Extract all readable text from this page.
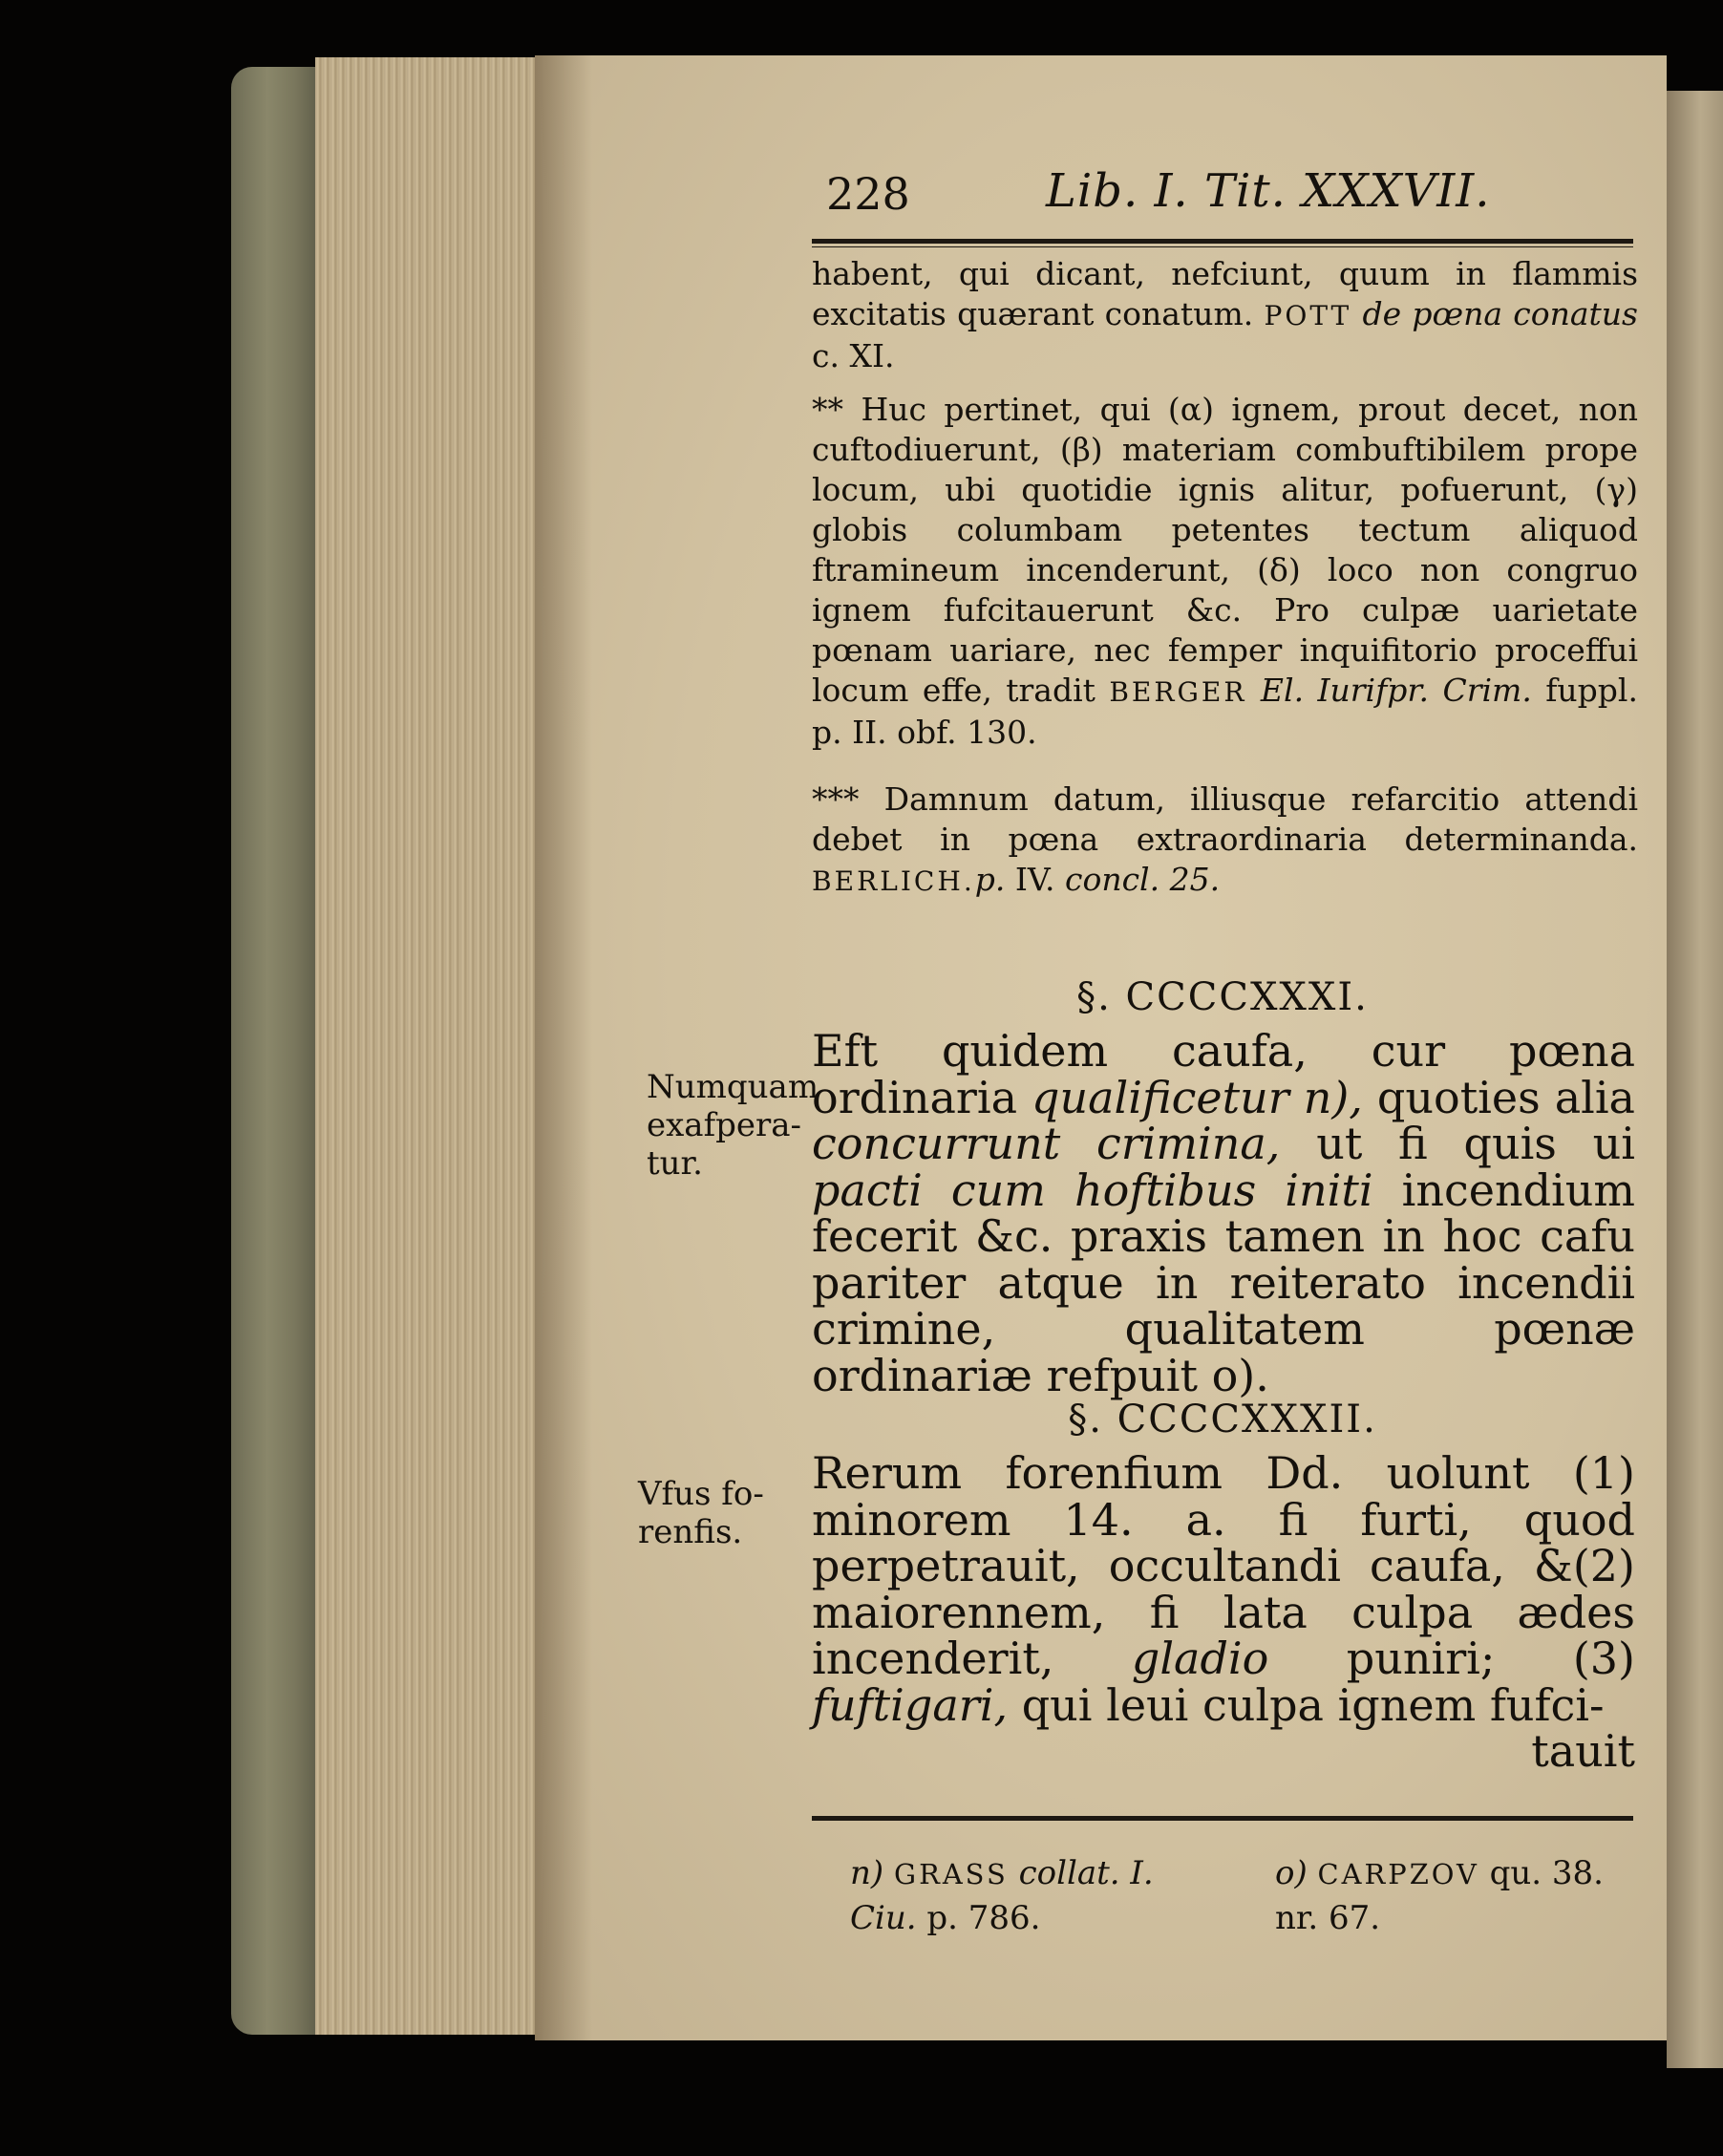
228	Lib. I. Tit. XXXVII.

habent, qui dicant, nefciunt, quum in flammis excitatis quærant conatum. POTT de pœna conatus c. XI.

** Huc pertinet, qui (α) ignem, prout decet, non cuftodiuerunt, (β) materiam combuftibilem prope locum, ubi quotidie ignis alitur, pofuerunt, (γ) globis columbam petentes tectum aliquod ftramineum incenderunt, (δ) loco non congruo ignem fufcitauerunt &c. Pro culpæ uarietate pœnam uariare, nec femper inquifitorio proceffui locum effe, tradit BERGER El. Iurifpr. Crim. fuppl. p. II. obf. 130.

*** Damnum datum, illiusque refarcitio attendi debet in pœna extraordinaria determinanda. BERLICH.p. IV. concl. 25.

§. CCCCXXXI.
Numquam
exafpera-
tur.
Eft quidem caufa, cur pœna ordinaria qualificetur n), quoties alia concurrunt crimina, ut fi quis ui pacti cum hoftibus initi incendium fecerit &c. praxis tamen in hoc cafu pariter atque in reiterato incendii crimine, qualitatem pœnæ ordinariæ refpuit o).
§. CCCCXXXII.
Vfus fo-
renfis.
Rerum forenfium Dd. uolunt (1) minorem 14. a. fi furti, quod perpetrauit, occultandi caufa, &(2) maiorennem, fi lata culpa ædes incenderit, gladio puniri; (3) fuftigari, qui leui culpa ignem fufci-
tauit
n) GRASS collat. I.
Ciu. p. 786.
o) CARPZOV qu. 38.
nr. 67.
